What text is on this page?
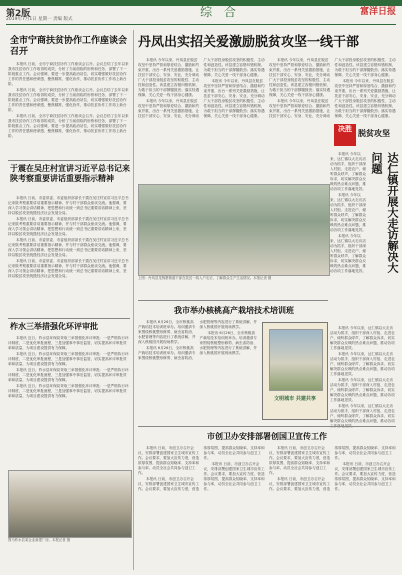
第2版	综 合	富洋日报
2019年7月1日 星期一 责编 版式
全市宁商扶贫协作工作座谈会召开

本报讯 日前，全市宁商扶贫协作工作座谈会召开。会议总结了去年以来我市扶贫协作工作取得的成效，分析了当前面临的形势和任务，部署了下一阶段重点工作。会议强调，要进一步提高政治站位，切实增强做好扶贫协作工作的责任感和使命感，聚焦精准，强化协作，推动扶贫协作工作再上新台阶。

本报讯 日前，全市宁商扶贫协作工作座谈会召开。会议总结了去年以来我市扶贫协作工作取得的成效，分析了当前面临的形势和任务，部署了下一阶段重点工作。会议强调，要进一步提高政治站位，切实增强做好扶贫协作工作的责任感和使命感，聚焦精准，强化协作，推动扶贫协作工作再上新台阶。

本报讯 日前，全市宁商扶贫协作工作座谈会召开。会议总结了去年以来我市扶贫协作工作取得的成效，分析了当前面临的形势和任务，部署了下一阶段重点工作。会议强调，要进一步提高政治站位，切实增强做好扶贫协作工作的责任感和使命感，聚焦精准，强化协作，推动扶贫协作工作再上新台阶。

于震在吴庄村宣讲习近平总书记来陕考察重要讲话重要指示精神

本报讯 日前，市委常委、市委组织部部长于震在吴庄村宣讲习近平总书记来陕考察重要讲话重要指示精神，并与村干部群众座谈交流。他强调，要深入学习领会讲话精神，把思想和行动统一到总书记重要讲话精神上来，坚持以脱贫攻坚统揽经济社会发展全局。

本报讯 日前，市委常委、市委组织部部长于震在吴庄村宣讲习近平总书记来陕考察重要讲话重要指示精神，并与村干部群众座谈交流。他强调，要深入学习领会讲话精神，把思想和行动统一到总书记重要讲话精神上来，坚持以脱贫攻坚统揽经济社会发展全局。

本报讯 日前，市委常委、市委组织部部长于震在吴庄村宣讲习近平总书记来陕考察重要讲话重要指示精神，并与村干部群众座谈交流。他强调，要深入学习领会讲话精神，把思想和行动统一到总书记重要讲话精神上来，坚持以脱贫攻坚统揽经济社会发展全局。

本报讯 日前，市委常委、市委组织部部长于震在吴庄村宣讲习近平总书记来陕考察重要讲话重要指示精神，并与村干部群众座谈交流。他强调，要深入学习领会讲话精神，把思想和行动统一到总书记重要讲话精神上来，坚持以脱贫攻坚统揽经济社会发展全局。

柞水三举措强化环评审批

本报讯 近日，柞水县环保局采取三举措强化环评审批：一是严格执行环评制度，二是优化审批流程，三是加强事中事后监管，切实提高环评审批效率和质量，为项目建设提供有力保障。

本报讯 近日，柞水县环保局采取三举措强化环评审批：一是严格执行环评制度，二是优化审批流程，三是加强事中事后监管，切实提高环评审批效率和质量，为项目建设提供有力保障。

本报讯 近日，柞水县环保局采取三举措强化环评审批：一是严格执行环评制度，二是优化审批流程，三是加强事中事后监管，切实提高环评审批效率和质量，为项目建设提供有力保障。

本报讯 近日，柞水县环保局采取三举措强化环评审批：一是严格执行环评制度，二是优化审批流程，三是加强事中事后监管，切实提高环评审批效率和质量，为项目建设提供有力保障。

图为柞水县某企业新建厂房。本报记者 摄
丹凤出实招关爱激励脱贫攻坚一线干部

本报讯 今年以来，丹凤县在脱贫攻坚中坚持严管和厚爱结合、激励和约束并重，出台一系列关爱激励措施，让扶贫干部安心、安身、安业，充分调动广大干部投身脱贫攻坚的积极性、主动性和创造性。该县建立容错纠错机制，为敢于担当的干部撑腰鼓劲；落实待遇保障，关心关爱一线干部身心健康。

本报讯 今年以来，丹凤县在脱贫攻坚中坚持严管和厚爱结合、激励和约束并重，出台一系列关爱激励措施，让扶贫干部安心、安身、安业，充分调动广大干部投身脱贫攻坚的积极性、主动性和创造性。该县建立容错纠错机制，为敢于担当的干部撑腰鼓劲；落实待遇保障，关心关爱一线干部身心健康。

本报讯 今年以来，丹凤县在脱贫攻坚中坚持严管和厚爱结合、激励和约束并重，出台一系列关爱激励措施，让扶贫干部安心、安身、安业，充分调动广大干部投身脱贫攻坚的积极性、主动性和创造性。该县建立容错纠错机制，为敢于担当的干部撑腰鼓劲；落实待遇保障，关心关爱一线干部身心健康。

本报讯 今年以来，丹凤县在脱贫攻坚中坚持严管和厚爱结合、激励和约束并重，出台一系列关爱激励措施，让扶贫干部安心、安身、安业，充分调动广大干部投身脱贫攻坚的积极性、主动性和创造性。该县建立容错纠错机制，为敢于担当的干部撑腰鼓劲；落实待遇保障，关心关爱一线干部身心健康。

本报讯 今年以来，丹凤县在脱贫攻坚中坚持严管和厚爱结合、激励和约束并重，出台一系列关爱激励措施，让扶贫干部安心、安身、安业，充分调动广大干部投身脱贫攻坚的积极性、主动性和创造性。该县建立容错纠错机制，为敢于担当的干部撑腰鼓劲；落实待遇保障，关心关爱一线干部身心健康。

本报讯 今年以来，丹凤县在脱贫攻坚中坚持严管和厚爱结合、激励和约束并重，出台一系列关爱激励措施，让扶贫干部安心、安身、安业，充分调动广大干部投身脱贫攻坚的积极性、主动性和创造性。该县建立容错纠错机制，为敢于担当的干部撑腰鼓劲；落实待遇保障，关心关爱一线干部身心健康。

决胜 脱贫攻坚
上图：丹凤县龙驹寨街道干部在扶贫一线入户走访，了解群众生产生活情况。本报记者 摄
达仁镇开展大走访解决大问题

本报讯 今年以来，达仁镇以大走访活动为抓手，组织干部深入村组、走进农户，倾听群众呼声，了解群众诉求，切实解决群众反映的热点难点问题，推动各项工作落地见效。

本报讯 今年以来，达仁镇以大走访活动为抓手，组织干部深入村组、走进农户，倾听群众呼声，了解群众诉求，切实解决群众反映的热点难点问题，推动各项工作落地见效。

本报讯 今年以来，达仁镇以大走访活动为抓手，组织干部深入村组、走进农户，倾听群众呼声，了解群众诉求，切实解决群众反映的热点难点问题，推动各项工作落地见效。

本报讯 今年以来，达仁镇以大走访活动为抓手，组织干部深入村组、走进农户，倾听群众呼声，了解群众诉求，切实解决群众反映的热点难点问题，推动各项工作落地见效。

本报讯 今年以来，达仁镇以大走访活动为抓手，组织干部深入村组、走进农户，倾听群众呼声，了解群众诉求，切实解决群众反映的热点难点问题，推动各项工作落地见效。

本报讯 今年以来，达仁镇以大走访活动为抓手，组织干部深入村组、走进农户，倾听群众呼声，了解群众诉求，切实解决群众反映的热点难点问题，推动各项工作落地见效。

本报讯 今年以来，达仁镇以大走访活动为抓手，组织干部深入村组、走进农户，倾听群众呼声，了解群众诉求，切实解决群众反映的热点难点问题，推动各项

我市举办核桃高产栽培技术培训班

本报讯 6月26日，全市核桃高产栽培技术培训班举办。培训邀请专家围绕核桃整形修剪、病虫害防治、水肥管理等内容进行了系统讲解，并深入核桃园开展现场教学。

本报讯 6月26日，全市核桃高产栽培技术培训班举办。培训邀请专家围绕核桃整形修剪、病虫害防治、水肥管理等内容进行了系统讲解，并深入核桃园开展现场教学。

本报讯 6月26日，全市核桃高产栽培技术培训班举办。培训邀请专家围绕核桃整形修剪、病虫害防治、水肥管理等内容进行了系统讲解，并深入核桃园开展现场教学。

文明城市 共建共享
市创卫办安排部署创国卫宣传工作

本报讯 日前，市创卫办召开会议，安排部署创建国家卫生城市宣传工作。会议要求，要加大宣传力度，营造浓厚氛围，提高群众知晓率、支持率和参与率，动员全社会共同参与创卫工作。

本报讯 日前，市创卫办召开会议，安排部署创建国家卫生城市宣传工作。会议要求，要加大宣传力度，营造浓厚氛围，提高群众知晓率、支持率和参与率，动员全社会共同参与创卫工作。

本报讯 日前，市创卫办召开会议，安排部署创建国家卫生城市宣传工作。会议要求，要加大宣传力度，营造浓厚氛围，提高群众知晓率、支持率和参与率，动员全社会共同参与创卫工作。

本报讯 日前，市创卫办召开会议，安排部署创建国家卫生城市宣传工作。会议要求，要加大宣传力度，营造浓厚氛围，提高群众知晓率、支持率和参与率，动员全社会共同参与创卫工作。

本报讯 日前，市创卫办召开会议，安排部署创建国家卫生城市宣传工作。会议要求，要加大宣传力度，营造浓厚氛围，提高群众知晓率、支持率和参与率，动员全社会共同参与创卫工作。

本报讯 日前，市创卫办召开会议，安排部署创建国家卫生城市宣传工作。会议要求，要加大宣传力度，营造浓厚氛围，提高群众知晓率、支持率和参与率，动员全社会共同参与创卫工作。
